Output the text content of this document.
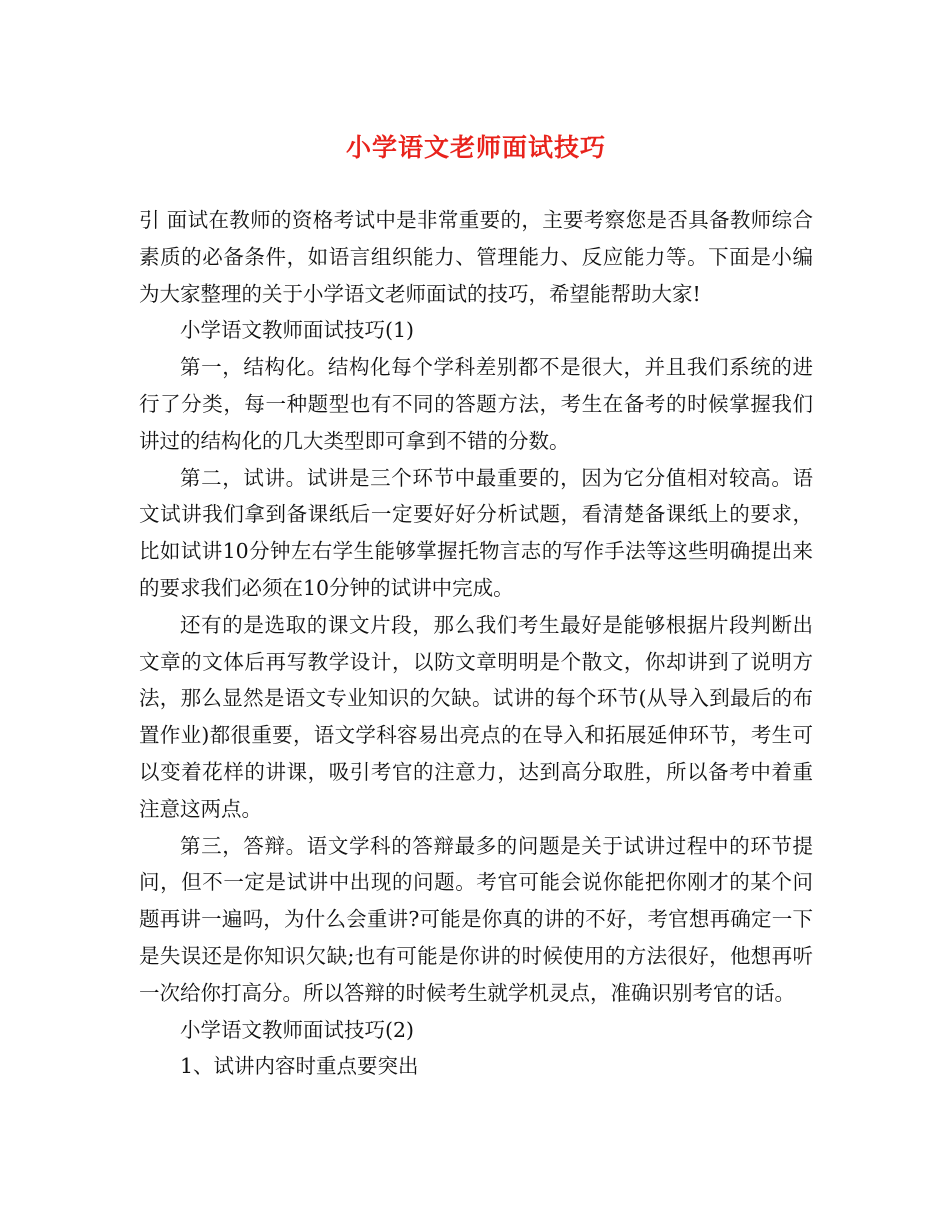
小学语文老师面试技巧

引 面试在教师的资格考试中是非常重要的，主要考察您是否具备教师综合素质的必备条件，如语言组织能力、管理能力、反应能力等。下面是小编为大家整理的关于小学语文老师面试的技巧，希望能帮助大家!

小学语文教师面试技巧(1)

第一，结构化。结构化每个学科差别都不是很大，并且我们系统的进行了分类，每一种题型也有不同的答题方法，考生在备考的时候掌握我们讲过的结构化的几大类型即可拿到不错的分数。

第二，试讲。试讲是三个环节中最重要的，因为它分值相对较高。语文试讲我们拿到备课纸后一定要好好分析试题，看清楚备课纸上的要求，比如试讲10分钟左右学生能够掌握托物言志的写作手法等这些明确提出来的要求我们必须在10分钟的试讲中完成。

还有的是选取的课文片段，那么我们考生最好是能够根据片段判断出文章的文体后再写教学设计，以防文章明明是个散文，你却讲到了说明方法，那么显然是语文专业知识的欠缺。试讲的每个环节(从导入到最后的布置作业)都很重要，语文学科容易出亮点的在导入和拓展延伸环节，考生可以变着花样的讲课，吸引考官的注意力，达到高分取胜，所以备考中着重注意这两点。

第三，答辩。语文学科的答辩最多的问题是关于试讲过程中的环节提问，但不一定是试讲中出现的问题。考官可能会说你能把你刚才的某个问题再讲一遍吗，为什么会重讲?可能是你真的讲的不好，考官想再确定一下是失误还是你知识欠缺;也有可能是你讲的时候使用的方法很好，他想再听一次给你打高分。所以答辩的时候考生就学机灵点，准确识别考官的话。

小学语文教师面试技巧(2)

1、试讲内容时重点要突出
